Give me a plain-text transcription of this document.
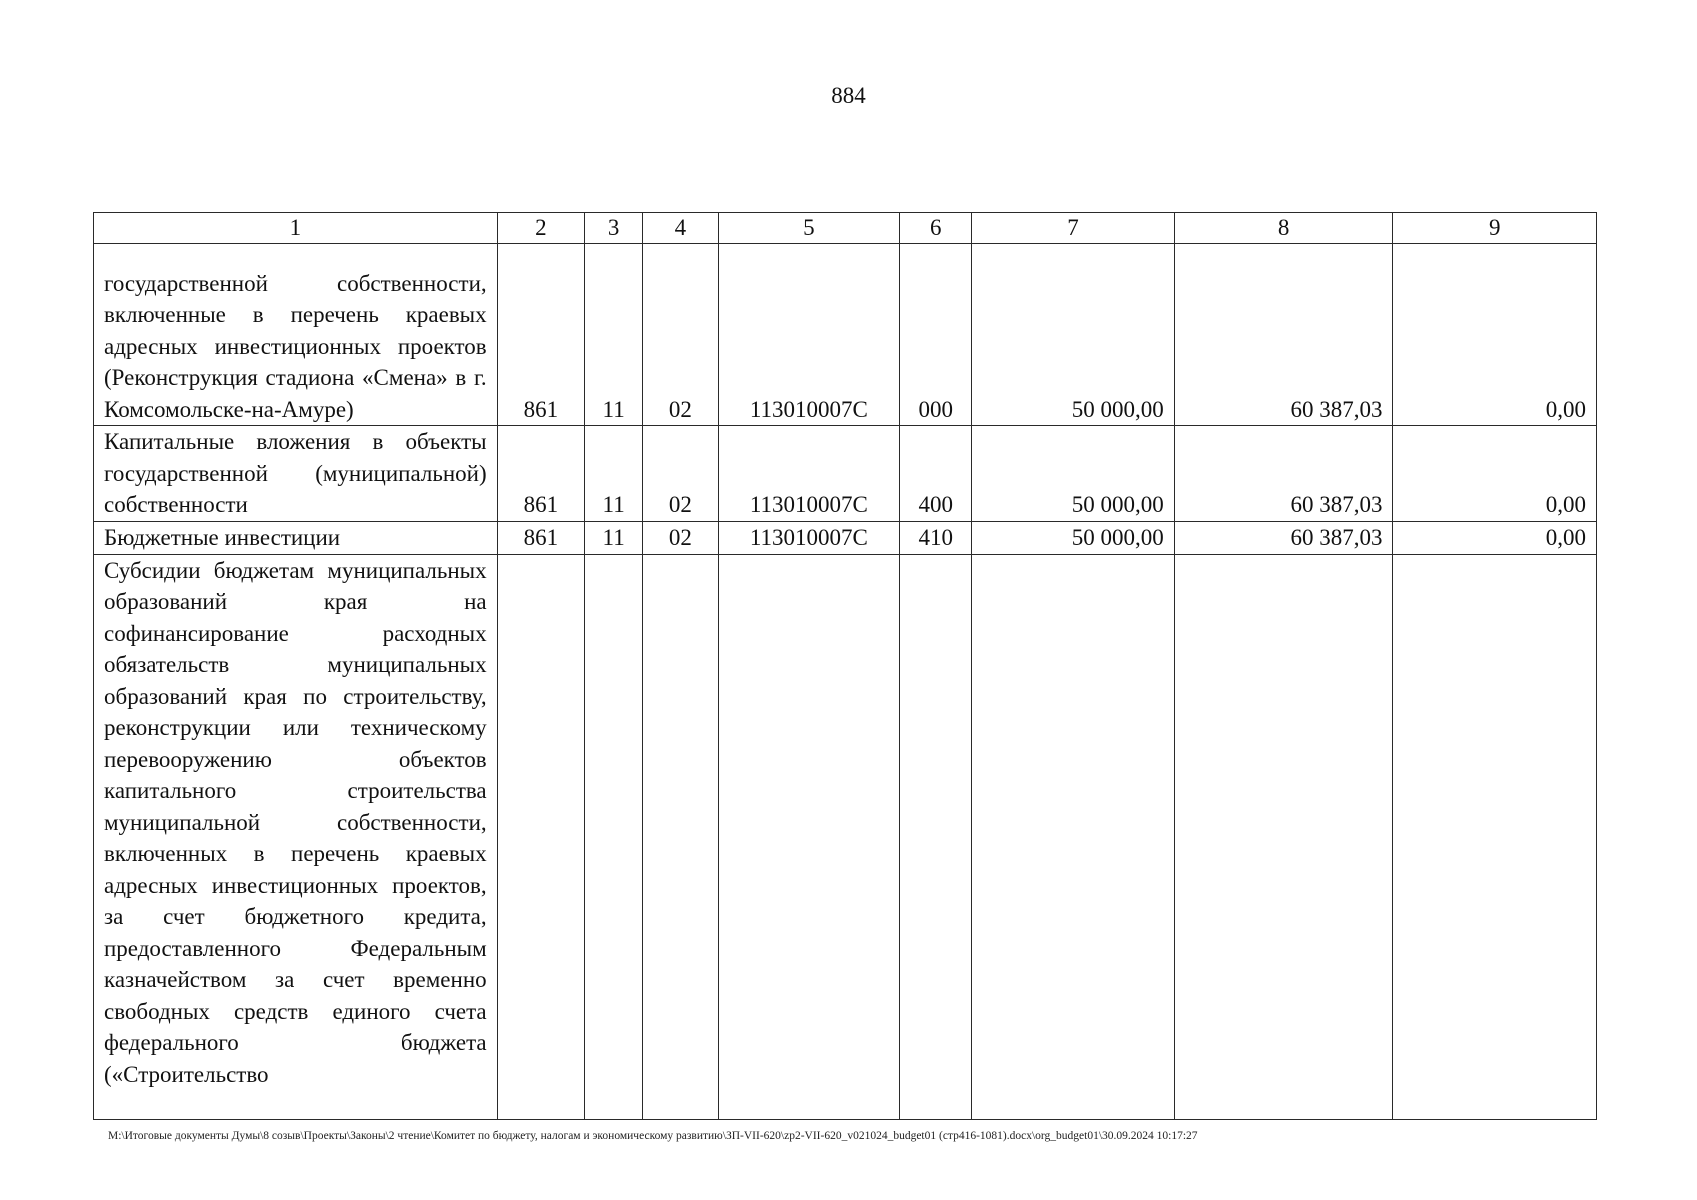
884
1	2	3	4	5	6	7	8	9
государственной собственности, включенные в перечень краевых адресных инвестиционных проектов (Реконструкция стадиона «Смена» в г. Комсомольске-на-Амуре)	861	11	02	113010007C	000	50 000,00	60 387,03	0,00
Капитальные вложения в объекты государственной (муниципальной) собственности	861	11	02	113010007C	400	50 000,00	60 387,03	0,00
Бюджетные инвестиции	861	11	02	113010007C	410	50 000,00	60 387,03	0,00
Субсидии бюджетам муниципальных образований края на софинансирование расходных обязательств муниципальных образований края по строительству, реконструкции или техническому перевооружению объектов капитального строительства муниципальной собственности, включенных в перечень краевых адресных инвестиционных проектов, за счет бюджетного кредита, предоставленного Федеральным казначейством за счет временно свободных средств единого счета федерального бюджета («Строительство								
M:\Итоговые документы Думы\8 созыв\Проекты\Законы\2 чтение\Комитет по бюджету, налогам и экономическому развитию\ЗП-VII-620\zp2-VII-620_v021024_budget01 (стр416-1081).docx\org_budget01\30.09.2024 10:17:27
